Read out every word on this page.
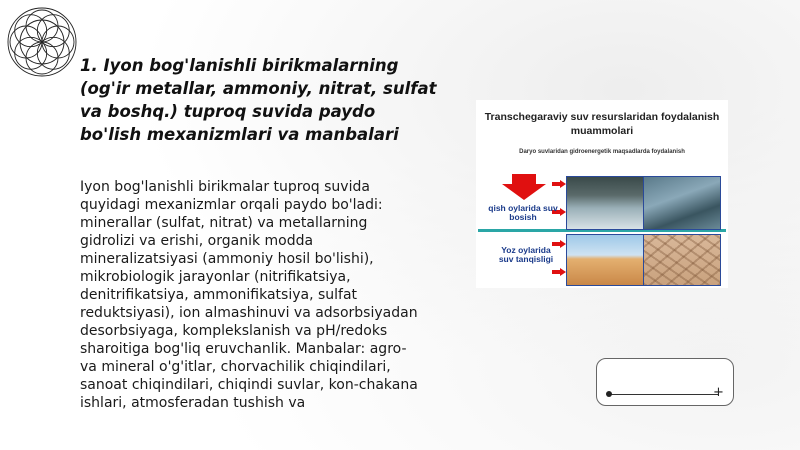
1. Iyon bog'lanishli birikmalarning (og'ir metallar, ammoniy, nitrat, sulfat va boshq.) tuproq suvida paydo bo'lish mexanizmlari va manbalari

Iyon bog'lanishli birikmalar tuproq suvida quyidagi mexanizmlar orqali paydo bo'ladi: minerallar (sulfat, nitrat) va metallarning gidrolizi va erishi, organik modda mineralizatsiyasi (ammoniy hosil bo'lishi), mikrobiologik jarayonlar (nitrifikatsiya, denitrifikatsiya, ammonifikatsiya, sulfat reduktsiyasi), ion almashinuvi va adsorbsiyadan desorbsiyaga, komplekslanish va pH/redoks sharoitiga bog'liq eruvchanlik. Manbalar: agro- va mineral o'g'itlar, chorvachilik chiqindilari, sanoat chiqindilari, chiqindi suvlar, kon-chakana ishlari, atmosferadan tushish va

Transchegaraviy suv resurslaridan foydalanish muammolari
Daryo suvlaridan gidroenergetik maqsadlarda foydalanish
qish oylarida suv bosish
Yoz oylarida suv tanqisligi
+
